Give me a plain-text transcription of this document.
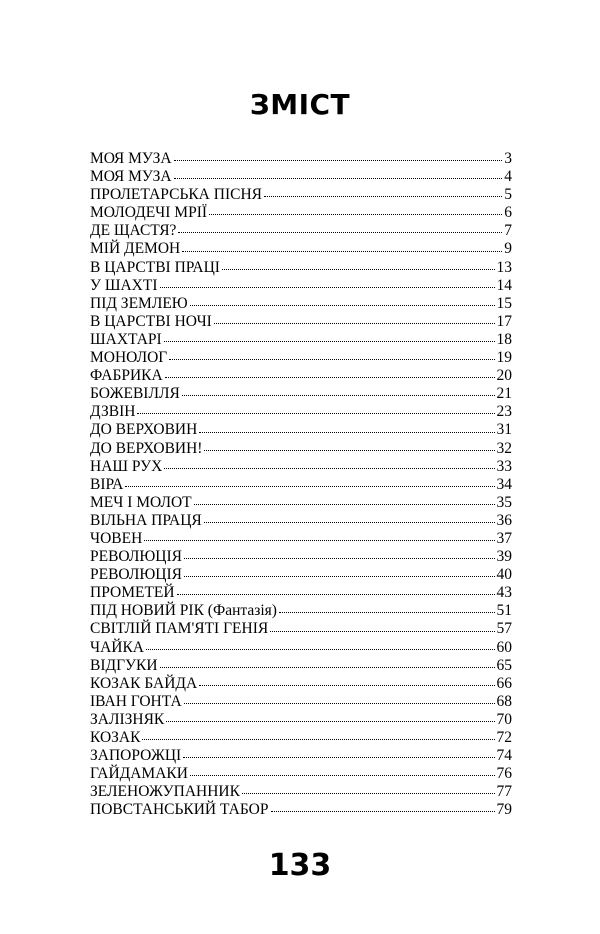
ЗМІСТ
МОЯ МУЗА	3
МОЯ МУЗА	4
ПРОЛЕТАРСЬКА ПІСНЯ	5
МОЛОДЕЧІ МРІЇ	6
ДЕ ЩАСТЯ?	7
МІЙ ДЕМОН	9
В ЦАРСТВІ ПРАЦІ	13
У ШАХТІ	14
ПІД ЗЕМЛЕЮ	15
В ЦАРСТВІ НОЧІ	17
ШАХТАРІ	18
МОНОЛОГ	19
ФАБРИКА	20
БОЖЕВІЛЛЯ	21
ДЗВІН	23
ДО ВЕРХОВИН	31
ДО ВЕРХОВИН!	32
НАШ РУХ	33
ВІРА	34
МЕЧ І МОЛОТ	35
ВІЛЬНА ПРАЦЯ	36
ЧОВЕН	37
РЕВОЛЮЦІЯ	39
РЕВОЛЮЦІЯ	40
ПРОМЕТЕЙ	43
ПІД НОВИЙ РІК (Фантазія)	51
СВІТЛІЙ ПАМ'ЯТІ ГЕНІЯ	57
ЧАЙКА	60
ВІДГУКИ	65
КОЗАК БАЙДА	66
ІВАН ГОНТА	68
ЗАЛІЗНЯК	70
КОЗАК	72
ЗАПОРОЖЦІ	74
ГАЙДАМАКИ	76
ЗЕЛЕНОЖУПАННИК	77
ПОВСТАНСЬКИЙ ТАБОР	79
133
